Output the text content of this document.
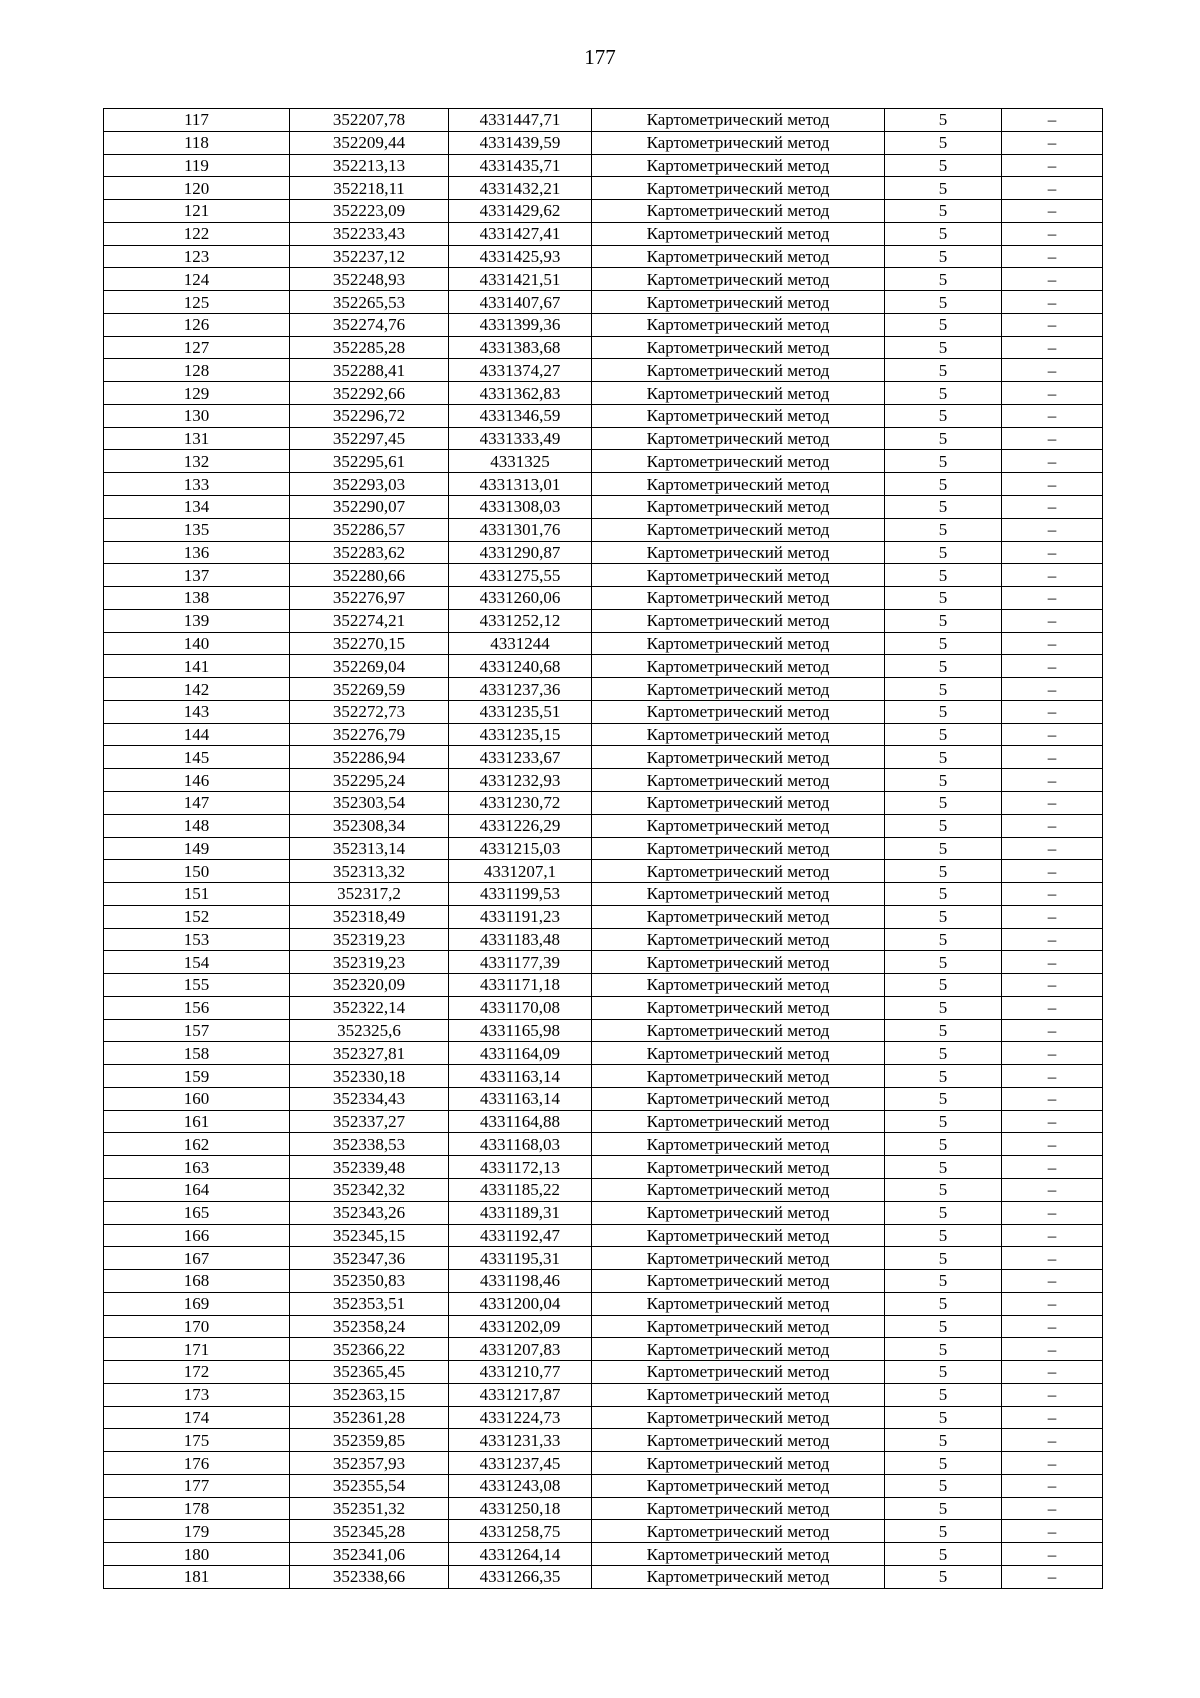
177
117	352207,78	4331447,71	Картометрический метод	5	–
118	352209,44	4331439,59	Картометрический метод	5	–
119	352213,13	4331435,71	Картометрический метод	5	–
120	352218,11	4331432,21	Картометрический метод	5	–
121	352223,09	4331429,62	Картометрический метод	5	–
122	352233,43	4331427,41	Картометрический метод	5	–
123	352237,12	4331425,93	Картометрический метод	5	–
124	352248,93	4331421,51	Картометрический метод	5	–
125	352265,53	4331407,67	Картометрический метод	5	–
126	352274,76	4331399,36	Картометрический метод	5	–
127	352285,28	4331383,68	Картометрический метод	5	–
128	352288,41	4331374,27	Картометрический метод	5	–
129	352292,66	4331362,83	Картометрический метод	5	–
130	352296,72	4331346,59	Картометрический метод	5	–
131	352297,45	4331333,49	Картометрический метод	5	–
132	352295,61	4331325	Картометрический метод	5	–
133	352293,03	4331313,01	Картометрический метод	5	–
134	352290,07	4331308,03	Картометрический метод	5	–
135	352286,57	4331301,76	Картометрический метод	5	–
136	352283,62	4331290,87	Картометрический метод	5	–
137	352280,66	4331275,55	Картометрический метод	5	–
138	352276,97	4331260,06	Картометрический метод	5	–
139	352274,21	4331252,12	Картометрический метод	5	–
140	352270,15	4331244	Картометрический метод	5	–
141	352269,04	4331240,68	Картометрический метод	5	–
142	352269,59	4331237,36	Картометрический метод	5	–
143	352272,73	4331235,51	Картометрический метод	5	–
144	352276,79	4331235,15	Картометрический метод	5	–
145	352286,94	4331233,67	Картометрический метод	5	–
146	352295,24	4331232,93	Картометрический метод	5	–
147	352303,54	4331230,72	Картометрический метод	5	–
148	352308,34	4331226,29	Картометрический метод	5	–
149	352313,14	4331215,03	Картометрический метод	5	–
150	352313,32	4331207,1	Картометрический метод	5	–
151	352317,2	4331199,53	Картометрический метод	5	–
152	352318,49	4331191,23	Картометрический метод	5	–
153	352319,23	4331183,48	Картометрический метод	5	–
154	352319,23	4331177,39	Картометрический метод	5	–
155	352320,09	4331171,18	Картометрический метод	5	–
156	352322,14	4331170,08	Картометрический метод	5	–
157	352325,6	4331165,98	Картометрический метод	5	–
158	352327,81	4331164,09	Картометрический метод	5	–
159	352330,18	4331163,14	Картометрический метод	5	–
160	352334,43	4331163,14	Картометрический метод	5	–
161	352337,27	4331164,88	Картометрический метод	5	–
162	352338,53	4331168,03	Картометрический метод	5	–
163	352339,48	4331172,13	Картометрический метод	5	–
164	352342,32	4331185,22	Картометрический метод	5	–
165	352343,26	4331189,31	Картометрический метод	5	–
166	352345,15	4331192,47	Картометрический метод	5	–
167	352347,36	4331195,31	Картометрический метод	5	–
168	352350,83	4331198,46	Картометрический метод	5	–
169	352353,51	4331200,04	Картометрический метод	5	–
170	352358,24	4331202,09	Картометрический метод	5	–
171	352366,22	4331207,83	Картометрический метод	5	–
172	352365,45	4331210,77	Картометрический метод	5	–
173	352363,15	4331217,87	Картометрический метод	5	–
174	352361,28	4331224,73	Картометрический метод	5	–
175	352359,85	4331231,33	Картометрический метод	5	–
176	352357,93	4331237,45	Картометрический метод	5	–
177	352355,54	4331243,08	Картометрический метод	5	–
178	352351,32	4331250,18	Картометрический метод	5	–
179	352345,28	4331258,75	Картометрический метод	5	–
180	352341,06	4331264,14	Картометрический метод	5	–
181	352338,66	4331266,35	Картометрический метод	5	–
